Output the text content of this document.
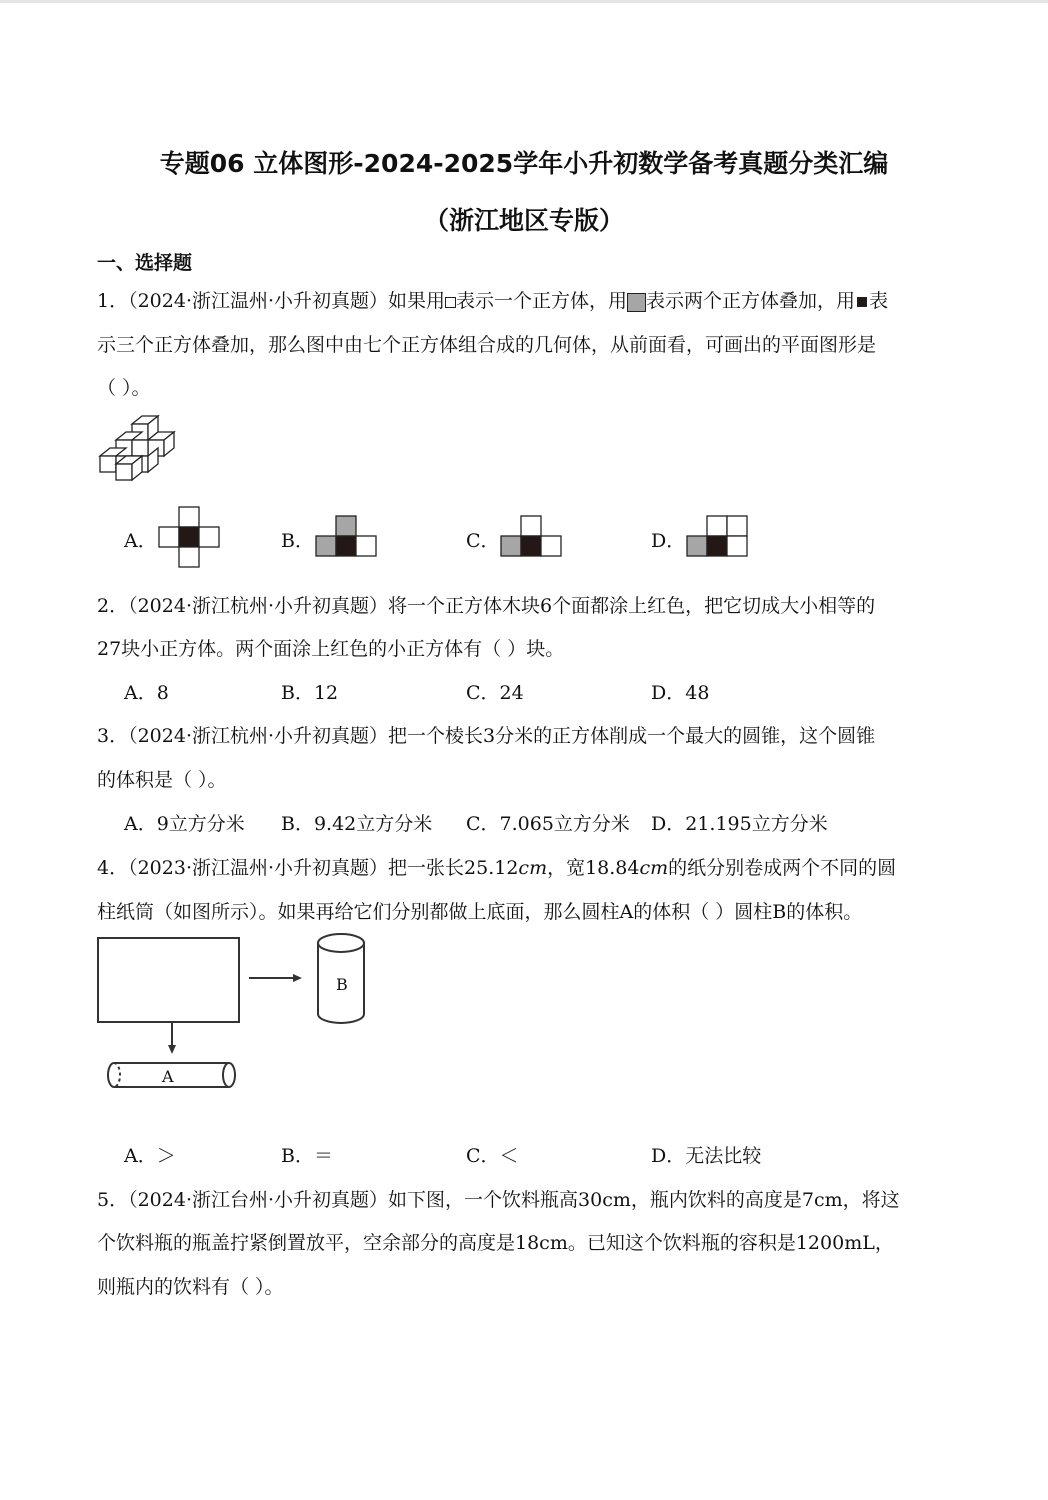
专题06 立体图形-2024-2025学年小升初数学备考真题分类汇编
（浙江地区专版）
一、选择题
1．（2024·浙江温州·小升初真题）如果用 表示一个正方体，用 表示两个正方体叠加，用 表
示三个正方体叠加，那么图中由七个正方体组合成的几何体，从前面看，可画出的平面图形是
（ ）。
A．	B．	C．	D．
2．（2024·浙江杭州·小升初真题）将一个正方体木块6个面都涂上红色，把它切成大小相等的
27块小正方体。两个面涂上红色的小正方体有（ ）块。
A．8	B．12	C．24	D．48
3．（2024·浙江杭州·小升初真题）把一个棱长3分米的正方体削成一个最大的圆锥，这个圆锥
的体积是（ ）。
A．9立方分米 B．9.42立方分米 C．7.065立方分米 D．21.195立方分米
4．（2023·浙江温州·小升初真题）把一张长25.12cm，宽18.84cm的纸分别卷成两个不同的圆
柱纸筒（如图所示）。如果再给它们分别都做上底面，那么圆柱A的体积（ ）圆柱B的体积。
B
A
A．＞	B．＝	C．＜	D．无法比较
5．（2024·浙江台州·小升初真题）如下图，一个饮料瓶高30cm，瓶内饮料的高度是7cm，将这
个饮料瓶的瓶盖拧紧倒置放平，空余部分的高度是18cm。已知这个饮料瓶的容积是1200mL，
则瓶内的饮料有（ ）。
